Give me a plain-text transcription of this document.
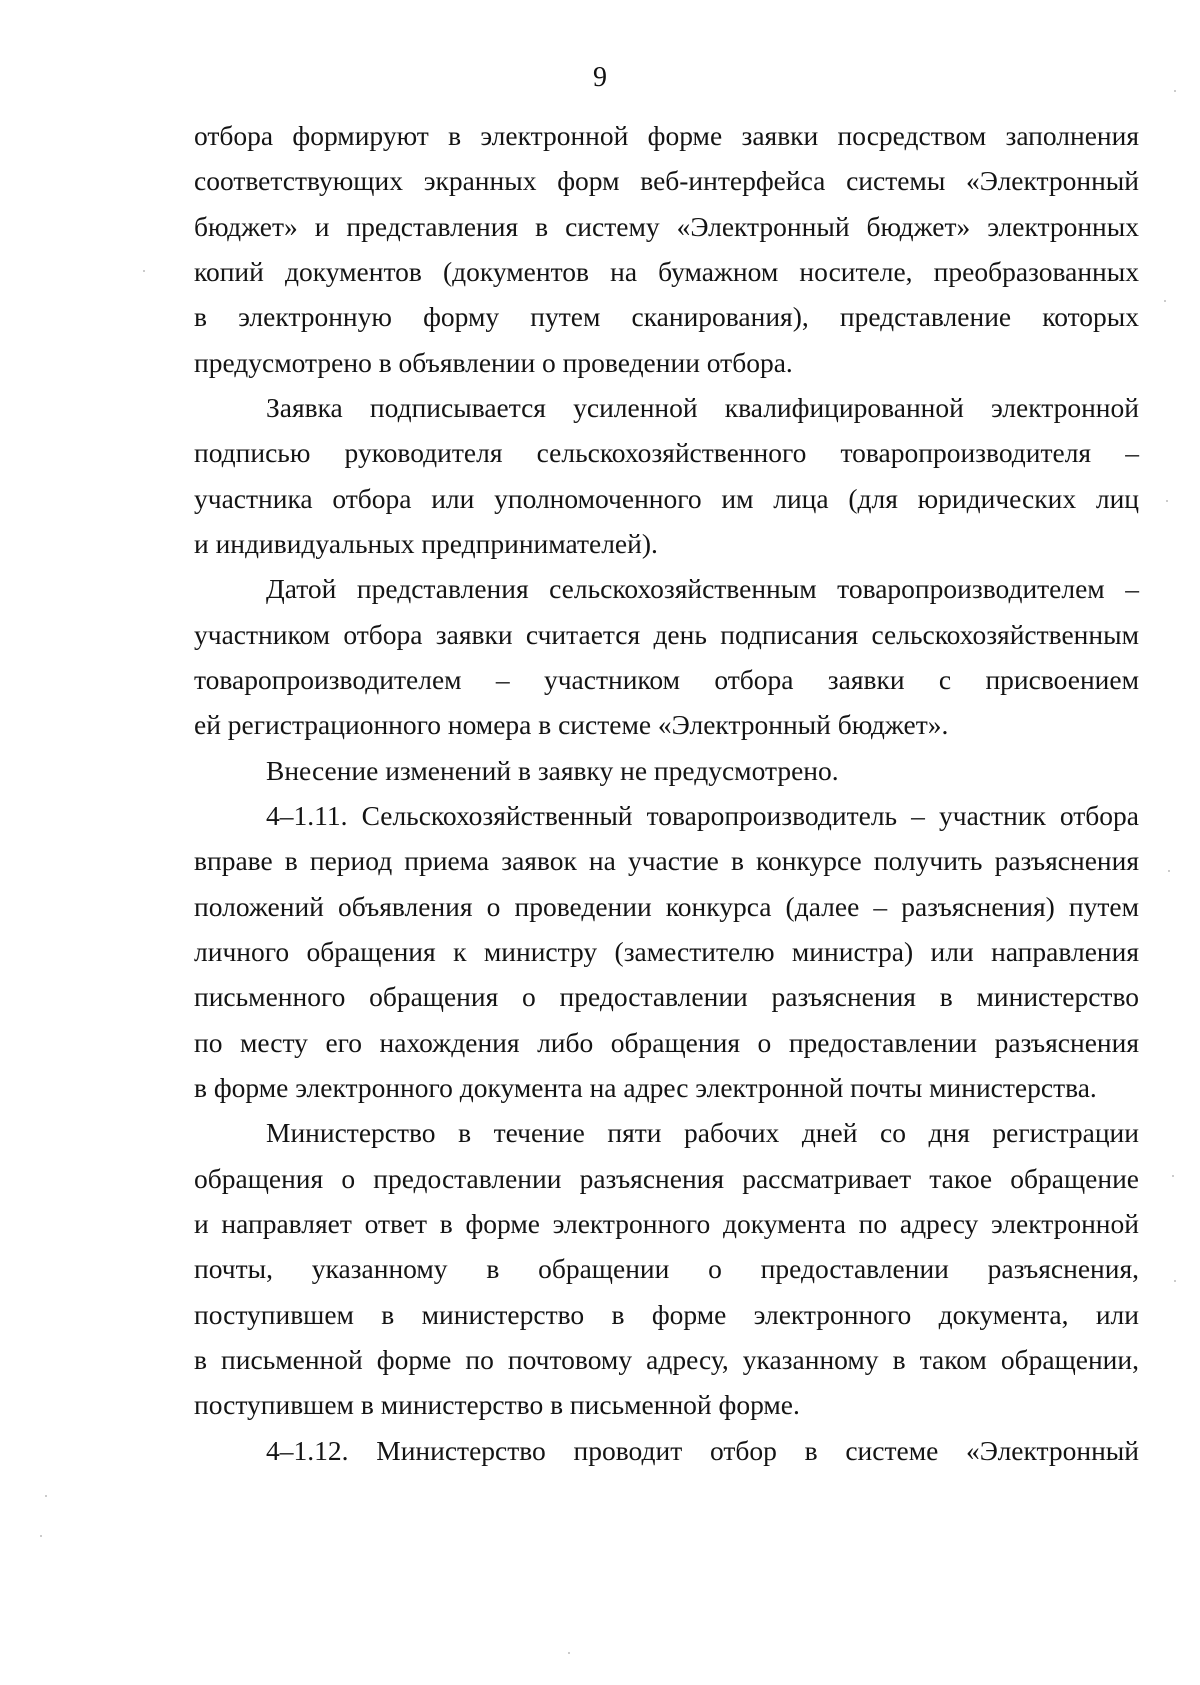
9
отбора формируют в электронной форме заявки посредством заполнения
соответствующих экранных форм веб-интерфейса системы «Электронный
бюджет» и представления в систему «Электронный бюджет» электронных
копий документов (документов на бумажном носителе, преобразованных
в электронную форму путем сканирования), представление которых
предусмотрено в объявлении о проведении отбора.
Заявка подписывается усиленной квалифицированной электронной
подписью руководителя сельскохозяйственного товаропроизводителя –
участника отбора или уполномоченного им лица (для юридических лиц
и индивидуальных предпринимателей).
Датой представления сельскохозяйственным товаропроизводителем –
участником отбора заявки считается день подписания сельскохозяйственным
товаропроизводителем – участником отбора заявки с присвоением
ей регистрационного номера в системе «Электронный бюджет».
Внесение изменений в заявку не предусмотрено.
4–1.11. Сельскохозяйственный товаропроизводитель – участник отбора
вправе в период приема заявок на участие в конкурсе получить разъяснения
положений объявления о проведении конкурса (далее – разъяснения) путем
личного обращения к министру (заместителю министра) или направления
письменного обращения о предоставлении разъяснения в министерство
по месту его нахождения либо обращения о предоставлении разъяснения
в форме электронного документа на адрес электронной почты министерства.
Министерство в течение пяти рабочих дней со дня регистрации
обращения о предоставлении разъяснения рассматривает такое обращение
и направляет ответ в форме электронного документа по адресу электронной
почты, указанному в обращении о предоставлении разъяснения,
поступившем в министерство в форме электронного документа, или
в письменной форме по почтовому адресу, указанному в таком обращении,
поступившем в министерство в письменной форме.
4–1.12. Министерство проводит отбор в системе «Электронный
